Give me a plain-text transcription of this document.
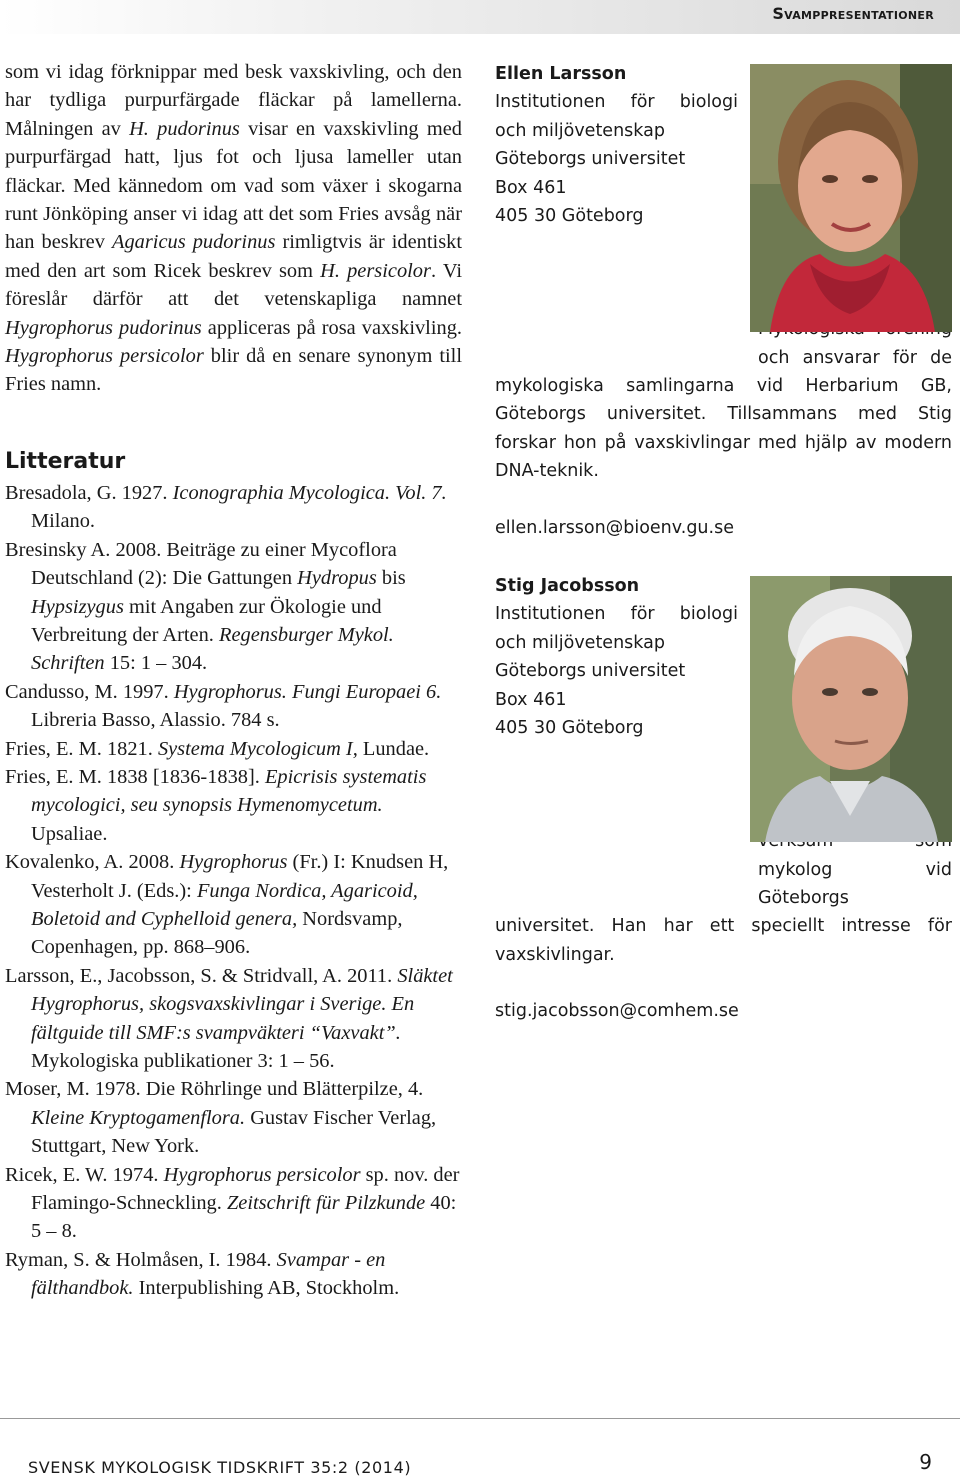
Svamppresentationer

som vi idag förknippar med besk vaxskivling, och den har tydliga purpurfärgade fläckar på lamellerna. Målningen av H. pudorinus visar en vaxskivling med purpurfärgad hatt, ljus fot och ljusa lameller utan fläckar. Med kännedom om vad som växer i skogarna runt Jönköping anser vi idag att det som Fries avsåg när han beskrev Agaricus pudorinus rimligtvis är identiskt med den art som Ricek beskrev som H. persicolor. Vi föreslår därför att det vetenskapliga namnet Hygrophorus pudorinus appliceras på rosa vaxskivling. Hygrophorus persicolor blir då en senare synonym till Fries namn.

Litteratur

Bresadola, G. 1927. Iconographia Mycologica. Vol. 7. Milano.

Bresinsky A. 2008. Beiträge zu einer Mycoflora Deutschland (2): Die Gattungen Hydropus bis Hypsizygus mit Angaben zur Ökologie und Verbreitung der Arten. Regensburger Mykol. Schriften 15: 1 – 304.

Candusso, M. 1997. Hygrophorus. Fungi Europaei 6. Libreria Basso, Alassio. 784 s.

Fries, E. M. 1821. Systema Mycologicum I, Lundae.

Fries, E. M. 1838 [1836-1838]. Epicrisis systematis mycologici, seu synopsis Hymenomycetum. Upsaliae.

Kovalenko, A. 2008. Hygrophorus (Fr.) I: Knudsen H, Vesterholt J. (Eds.): Funga Nordica, Agaricoid, Boletoid and Cyphelloid genera, Nordsvamp, Copenhagen, pp. 868–906.

Larsson, E., Jacobsson, S. & Stridvall, A. 2011. Släktet Hygrophorus, skogsvaxskivlingar i Sverige. En fältguide till SMF:s svampväkteri “Vaxvakt”. Mykologiska publikationer 3: 1 – 56.

Moser, M. 1978. Die Röhrlinge und Blätterpilze, 4. Kleine Kryptogamenflora. Gustav Fischer Verlag, Stuttgart, New York.

Ricek, E. W. 1974. Hygrophorus persicolor sp. nov. der Flamingo-Schneckling. Zeitschrift für Pilzkunde 40: 5 – 8.

Ryman, S. & Holmåsen, I. 1984. Svampar - en fälthandbok. Interpublishing AB, Stockholm.

Ellen Larsson
Institutionen för biologi
och miljövetenskap
Göteborgs universitet
Box 461
405 30 Göteborg

och ansvarar för de mykologiska samlingarna vid Herbarium GB, Göteborgs universitet. Tillsammans med Stig forskar hon på vaxskivlingar med hjälp av modern DNA-teknik.

ellen.larsson@bioenv.gu.se
Stig Jacobsson
Institutionen för biologi
och miljövetenskap
Göteborgs universitet
Box 461
405 30 Göteborg

mykolog vid Göteborgs universitet. Han har ett speciellt intresse för vaxskivlingar.

stig.jacobsson@comhem.se
SVENSK MYKOLOGISK TIDSKRIFT 35:2 (2014)	9
